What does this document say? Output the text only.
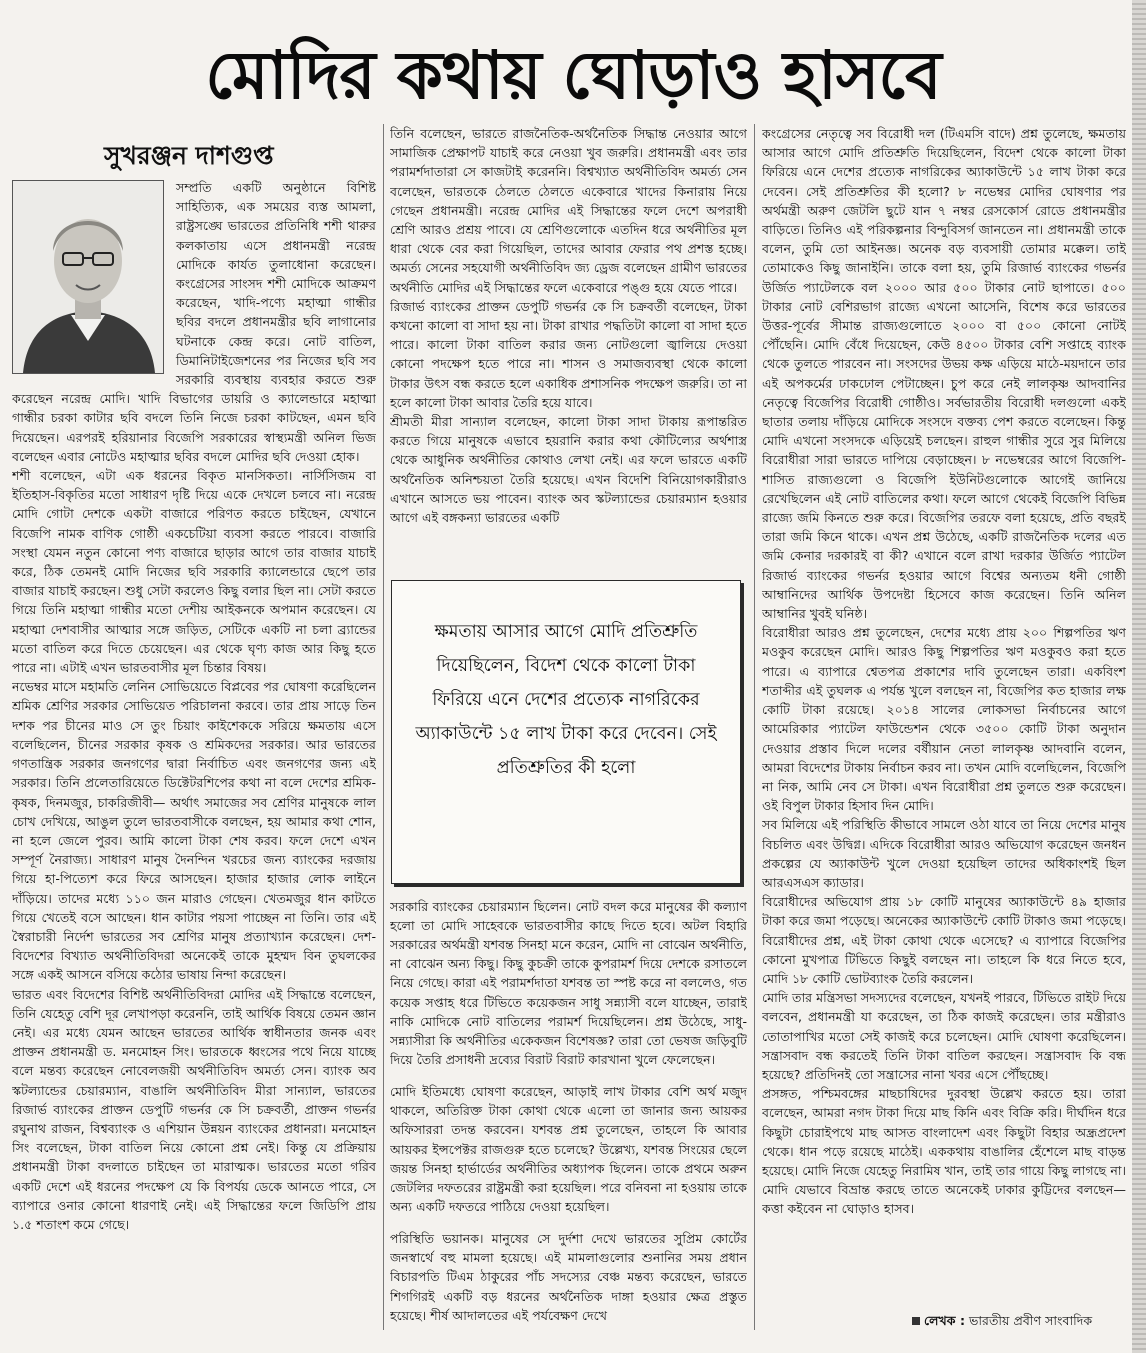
মোদির কথায় ঘোড়াও হাসবে
সুখরঞ্জন দাশগুপ্ত

সম্প্রতি একটি অনুষ্ঠানে বিশিষ্ট সাহিত্যিক, এক সময়ের ব্যস্ত আমলা, রাষ্ট্রসঙ্ঘে ভারতের প্রতিনিধি শশী থারুর কলকাতায় এসে প্রধানমন্ত্রী নরেন্দ্র মোদিকে কার্যত তুলাধোনা করেছেন। কংগ্রেসের সাংসদ শশী মোদিকে আক্রমণ করেছেন, খাদি-পণ্যে মহাত্মা গান্ধীর ছবির বদলে প্রধানমন্ত্রীর ছবি লাগানোর ঘটনাকে কেন্দ্র করে। নোট বাতিল, ডিমানিটাইজেশনের পর নিজের ছবি সব সরকারি ব্যবস্থায় ব্যবহার করতে শুরু করেছেন নরেন্দ্র মোদি। খাদি বিভাগের ডায়রি ও ক্যালেন্ডারে মহাত্মা গান্ধীর চরকা কাটার ছবি বদলে তিনি নিজে চরকা কাটছেন, এমন ছবি দিয়েছেন। এরপরই হরিয়ানার বিজেপি সরকারের স্বাস্থ্যমন্ত্রী অনিল ভিজ বলেছেন এবার নোটেও মহাত্মার ছবির বদলে মোদির ছবি দেওয়া হোক।

শশী বলেছেন, এটা এক ধরনের বিকৃত মানসিকতা। নার্সিসিজম বা ইতিহাস-বিকৃতির মতো সাধারণ দৃষ্টি দিয়ে একে দেখলে চলবে না। নরেন্দ্র মোদি গোটা দেশকে একটা বাজারে পরিণত করতে চাইছেন, যেখানে বিজেপি নামক বাণিক গোষ্ঠী একচেটিয়া ব্যবসা করতে পারবে। বাজারি সংস্থা যেমন নতুন কোনো পণ্য বাজারে ছাড়ার আগে তার বাজার যাচাই করে, ঠিক তেমনই মোদি নিজের ছবি সরকারি ক্যালেন্ডারে ছেপে তার বাজার যাচাই করছেন। শুধু সেটা করলেও কিছু বলার ছিল না। সেটা করতে গিয়ে তিনি মহাত্মা গান্ধীর মতো দেশীয় আইকনকে অপমান করেছেন। যে মহাত্মা দেশবাসীর আত্মার সঙ্গে জড়িত, সেটিকে একটি না চলা ব্র্যান্ডের মতো বাতিল করে দিতে চেয়েছেন। এর থেকে ঘৃণ্য কাজ আর কিছু হতে পারে না। এটাই এখন ভারতবাসীর মূল চিন্তার বিষয়।

নভেম্বর মাসে মহামতি লেনিন সোভিয়েতে বিপ্লবের পর ঘোষণা করেছিলেন শ্রমিক শ্রেণির সরকার সোভিয়েত পরিচালনা করবে। তার প্রায় সাড়ে তিন দশক পর চীনের মাও সে তুং চিয়াং কাইশেককে সরিয়ে ক্ষমতায় এসে বলেছিলেন, চীনের সরকার কৃষক ও শ্রমিকদের সরকার। আর ভারতের গণতান্ত্রিক সরকার জনগণের দ্বারা নির্বাচিত এবং জনগণের জন্য এই সরকার। তিনি প্রলেতারিয়েতে ডিক্টেটরশিপের কথা না বলে দেশের শ্রমিক-কৃষক, দিনমজুর, চাকরিজীবী— অর্থাৎ সমাজের সব শ্রেণির মানুষকে লাল চোখ দেখিয়ে, আঙুল তুলে ভারতবাসীকে বলছেন, হয় আমার কথা শোন, না হলে জেলে পুরব। আমি কালো টাকা শেষ করব। ফলে দেশে এখন সম্পূর্ণ নৈরাজ্য। সাধারণ মানুষ দৈনন্দিন খরচের জন্য ব্যাংকের দরজায় গিয়ে হা-পিত্যেশ করে ফিরে আসছেন। হাজার হাজার লোক লাইনে দাঁড়িয়ে। তাদের মধ্যে ১১০ জন মারাও গেছেন। খেতমজুর ধান কাটতে গিয়ে খেতেই বসে আছেন। ধান কাটার পয়সা পাচ্ছেন না তিনি। তার এই স্বৈরাচারী নির্দেশ ভারতের সব শ্রেণির মানুষ প্রত্যাখ্যান করেছেন। দেশ-বিদেশের বিখ্যাত অর্থনীতিবিদরা অনেকেই তাকে মুহম্মদ বিন তুঘলকের সঙ্গে একই আসনে বসিয়ে কঠোর ভাষায় নিন্দা করেছেন।

ভারত এবং বিদেশের বিশিষ্ট অর্থনীতিবিদরা মোদির এই সিদ্ধান্তে বলেছেন, তিনি যেহেতু বেশি দূর লেখাপড়া করেননি, তাই আর্থিক বিষয়ে তেমন জ্ঞান নেই। এর মধ্যে যেমন আছেন ভারতের আর্থিক স্বাধীনতার জনক এবং প্রাক্তন প্রধানমন্ত্রী ড. মনমোহন সিং। ভারতকে ধ্বংসের পথে নিয়ে যাচ্ছে বলে মন্তব্য করেছেন নোবেলজয়ী অর্থনীতিবিদ অমর্ত্য সেন। ব্যাংক অব স্কটল্যান্ডের চেয়ারম্যান, বাঙালি অর্থনীতিবিদ মীরা সান্যাল, ভারতের রিজার্ভ ব্যাংকের প্রাক্তন ডেপুটি গভর্নর কে সি চক্রবর্তী, প্রাক্তন গভর্নর রঘুনাথ রাজন, বিশ্বব্যাংক ও এশিয়ান উন্নয়ন ব্যাংকের প্রধানরা। মনমোহন সিং বলেছেন, টাকা বাতিল নিয়ে কোনো প্রশ্ন নেই। কিন্তু যে প্রক্রিয়ায় প্রধানমন্ত্রী টাকা বদলাতে চাইছেন তা মারাত্মক। ভারতের মতো গরিব একটি দেশে এই ধরনের পদক্ষেপ যে কি বিপর্যয় ডেকে আনতে পারে, সে ব্যাপারে ওনার কোনো ধারণাই নেই। এই সিদ্ধান্তের ফলে জিডিপি প্রায় ১.৫ শতাংশ কমে গেছে।

তিনি বলেছেন, ভারতে রাজনৈতিক-অর্থনৈতিক সিদ্ধান্ত নেওয়ার আগে সামাজিক প্রেক্ষাপট যাচাই করে নেওয়া খুব জরুরি। প্রধানমন্ত্রী এবং তার পরামর্শদাতারা সে কাজটাই করেননি। বিশ্বখ্যাত অর্থনীতিবিদ অমর্ত্য সেন বলেছেন, ভারতকে ঠেলতে ঠেলতে একেবারে খাদের কিনারায় নিয়ে গেছেন প্রধানমন্ত্রী। নরেন্দ্র মোদির এই সিদ্ধান্তের ফলে দেশে অপরাধী শ্রেণি আরও প্রশ্রয় পাবে। যে শ্রেণিগুলোকে এতদিন ধরে অর্থনীতির মূল ধারা থেকে বের করা গিয়েছিল, তাদের আবার ফেরার পথ প্রশস্ত হচ্ছে। অমর্ত্য সেনের সহযোগী অর্থনীতিবিদ জ্য ড্রেজ বলেছেন গ্রামীণ ভারতের অর্থনীতি মোদির এই সিদ্ধান্তের ফলে একেবারে পঙ্গু হয়ে যেতে পারে।

রিজার্ভ ব্যাংকের প্রাক্তন ডেপুটি গভর্নর কে সি চক্রবর্তী বলেছেন, টাকা কখনো কালো বা সাদা হয় না। টাকা রাখার পদ্ধতিটা কালো বা সাদা হতে পারে। কালো টাকা বাতিল করার জন্য নোটগুলো জ্বালিয়ে দেওয়া কোনো পদক্ষেপ হতে পারে না। শাসন ও সমাজব্যবস্থা থেকে কালো টাকার উৎস বন্ধ করতে হলে একাধিক প্রশাসনিক পদক্ষেপ জরুরি। তা না হলে কালো টাকা আবার তৈরি হয়ে যাবে।

শ্রীমতী মীরা সান্যাল বলেছেন, কালো টাকা সাদা টাকায় রূপান্তরিত করতে গিয়ে মানুষকে এভাবে হয়রানি করার কথা কৌটিল্যের অর্থশাস্ত্র থেকে আধুনিক অর্থনীতির কোথাও লেখা নেই। এর ফলে ভারতে একটি অর্থনৈতিক অনিশ্চয়তা তৈরি হয়েছে। এখন বিদেশি বিনিয়োগকারীরাও এখানে আসতে ভয় পাবেন। ব্যাংক অব স্কটল্যান্ডের চেয়ারম্যান হওয়ার আগে এই বঙ্গকন্যা ভারতের একটি

ক্ষমতায় আসার আগে মোদি প্রতিশ্রুতি দিয়েছিলেন, বিদেশ থেকে কালো টাকা ফিরিয়ে এনে দেশের প্রত্যেক নাগরিকের অ্যাকাউন্টে ১৫ লাখ টাকা করে দেবেন। সেই প্রতিশ্রুতির কী হলো

সরকারি ব্যাংকের চেয়ারম্যান ছিলেন। নোট বদল করে মানুষের কী কল্যাণ হলো তা মোদি সাহেবকে ভারতবাসীর কাছে দিতে হবে। অটল বিহারি সরকারের অর্থমন্ত্রী যশবন্ত সিনহা মনে করেন, মোদি না বোঝেন অর্থনীতি, না বোঝেন অন্য কিছু। কিছু কুচক্রী তাকে কুপরামর্শ দিয়ে দেশকে রসাতলে নিয়ে গেছে। কারা এই পরামর্শদাতা যশবন্ত তা স্পষ্ট করে না বললেও, গত কয়েক সপ্তাহ ধরে টিভিতে কয়েকজন সাধু সন্ন্যাসী বলে যাচ্ছেন, তারাই নাকি মোদিকে নোট বাতিলের পরামর্শ দিয়েছিলেন। প্রশ্ন উঠেছে, সাধু-সন্ন্যাসীরা কি অর্থনীতির একেকজন বিশেষজ্ঞ? তারা তো ভেষজ জড়িবুটি দিয়ে তৈরি প্রসাধনী দ্রব্যের বিরাট বিরাট কারখানা খুলে ফেলেছেন।

মোদি ইতিমধ্যে ঘোষণা করেছেন, আড়াই লাখ টাকার বেশি অর্থ মজুদ থাকলে, অতিরিক্ত টাকা কোথা থেকে এলো তা জানার জন্য আয়কর অফিসাররা তদন্ত করবেন। যশবন্ত প্রশ্ন তুলেছেন, তাহলে কি আবার আয়কর ইন্সপেক্টর রাজগুরু হতে চলেছে? উল্লেখ্য, যশবন্ত সিংয়ের ছেলে জয়ন্ত সিনহা হার্ভার্ডের অর্থনীতির অধ্যাপক ছিলেন। তাকে প্রথমে অরুন জেটলির দফতরের রাষ্ট্রমন্ত্রী করা হয়েছিল। পরে বনিবনা না হওয়ায় তাকে অন্য একটি দফতরে পাঠিয়ে দেওয়া হয়েছিল।

পরিস্থিতি ভয়ানক। মানুষের সে দুর্দশা দেখে ভারতের সুপ্রিম কোর্টের জনস্বার্থে বহু মামলা হয়েছে। এই মামলাগুলোর শুনানির সময় প্রধান বিচারপতি টিএম ঠাকুরের পাঁচ সদস্যের বেঞ্চ মন্তব্য করেছেন, ভারতে শিগগিরই একটি বড় ধরনের অর্থনৈতিক দাঙ্গা হওয়ার ক্ষেত্র প্রস্তুত হয়েছে। শীর্ষ আদালতের এই পর্যবেক্ষণ দেখে

কংগ্রেসের নেতৃত্বে সব বিরোধী দল (টিএমসি বাদে) প্রশ্ন তুলেছে, ক্ষমতায় আসার আগে মোদি প্রতিশ্রুতি দিয়েছিলেন, বিদেশ থেকে কালো টাকা ফিরিয়ে এনে দেশের প্রত্যেক নাগরিকের অ্যাকাউন্টে ১৫ লাখ টাকা করে দেবেন। সেই প্রতিশ্রুতির কী হলো? ৮ নভেম্বর মোদির ঘোষণার পর অর্থমন্ত্রী অরুণ জেটলি ছুটে যান ৭ নম্বর রেসকোর্স রোডে প্রধানমন্ত্রীর বাড়িতে। তিনিও এই পরিকল্পনার বিন্দুবিসর্গ জানতেন না। প্রধানমন্ত্রী তাকে বলেন, তুমি তো আইনজ্ঞ। অনেক বড় ব্যবসায়ী তোমার মক্কেল। তাই তোমাকেও কিছু জানাইনি। তাকে বলা হয়, তুমি রিজার্ভ ব্যাংকের গভর্নর উর্জিত প্যাটেলকে বল ২০০০ আর ৫০০ টাকার নোট ছাপাতে। ৫০০ টাকার নোট বেশিরভাগ রাজ্যে এখনো আসেনি, বিশেষ করে ভারতের উত্তর-পূর্বের সীমান্ত রাজ্যগুলোতে ২০০০ বা ৫০০ কোনো নোটই পৌঁছেনি। মোদি বেঁধে দিয়েছেন, কেউ ৪৫০০ টাকার বেশি সপ্তাহে ব্যাংক থেকে তুলতে পারবেন না। সংসদের উভয় কক্ষ এড়িয়ে মাঠে-ময়দানে তার এই অপকর্মের ঢাকঢোল পেটাচ্ছেন। চুপ করে নেই লালকৃষ্ণ আদবানির নেতৃত্বে বিজেপির বিরোধী গোষ্ঠীও। সর্বভারতীয় বিরোধী দলগুলো একই ছাতার তলায় দাঁড়িয়ে মোদিকে সংসদে বক্তব্য পেশ করতে বলেছেন। কিন্তু মোদি এখনো সংসদকে এড়িয়েই চলছেন। রাহুল গান্ধীর সুরে সুর মিলিয়ে বিরোধীরা সারা ভারতে দাপিয়ে বেড়াচ্ছেন। ৮ নভেম্বরের আগে বিজেপি-শাসিত রাজ্যগুলো ও বিজেপি ইউনিটগুলোকে আগেই জানিয়ে রেখেছিলেন এই নোট বাতিলের কথা। ফলে আগে থেকেই বিজেপি বিভিন্ন রাজ্যে জমি কিনতে শুরু করে। বিজেপির তরফে বলা হয়েছে, প্রতি বছরই তারা জমি কিনে থাকে। এখন প্রশ্ন উঠেছে, একটি রাজনৈতিক দলের এত জমি কেনার দরকারই বা কী? এখানে বলে রাখা দরকার উর্জিত প্যাটেল রিজার্ভ ব্যাংকের গভর্নর হওয়ার আগে বিশ্বের অন্যতম ধনী গোষ্ঠী আম্বানিদের আর্থিক উপদেষ্টা হিসেবে কাজ করেছেন। তিনি অনিল আম্বানির খুবই ঘনিষ্ঠ।

বিরোধীরা আরও প্রশ্ন তুলেছেন, দেশের মধ্যে প্রায় ২০০ শিল্পপতির ঋণ মওকুব করেছেন মোদি। আরও কিছু শিল্পপতির ঋণ মওকুবও করা হতে পারে। এ ব্যাপারে শ্বেতপত্র প্রকাশের দাবি তুলেছেন তারা। একবিংশ শতাব্দীর এই তুঘলক এ পর্যন্ত খুলে বলছেন না, বিজেপির কত হাজার লক্ষ কোটি টাকা রয়েছে। ২০১৪ সালের লোকসভা নির্বাচনের আগে আমেরিকার প্যাটেল ফাউন্ডেশন থেকে ৩৫০০ কোটি টাকা অনুদান দেওয়ার প্রস্তাব দিলে দলের বর্ষীয়ান নেতা লালকৃষ্ণ আদবানি বলেন, আমরা বিদেশের টাকায় নির্বাচন করব না। তখন মোদি বলেছিলেন, বিজেপি না নিক, আমি নেব সে টাকা। এখন বিরোধীরা প্রশ্ন তুলতে শুরু করেছেন। ওই বিপুল টাকার হিসাব দিন মোদি।

সব মিলিয়ে এই পরিস্থিতি কীভাবে সামলে ওঠা যাবে তা নিয়ে দেশের মানুষ বিচলিত এবং উদ্বিগ্ন। এদিকে বিরোধীরা আরও অভিযোগ করেছেন জনধন প্রকল্পের যে অ্যাকাউন্ট খুলে দেওয়া হয়েছিল তাদের অধিকাংশই ছিল আরএসএস ক্যাডার।

বিরোধীদের অভিযোগ প্রায় ১৮ কোটি মানুষের অ্যাকাউন্টে ৪৯ হাজার টাকা করে জমা পড়েছে। অনেকের অ্যাকাউন্টে কোটি টাকাও জমা পড়েছে। বিরোধীদের প্রশ্ন, এই টাকা কোথা থেকে এসেছে? এ ব্যাপারে বিজেপির কোনো মুখপাত্র টিভিতে কিছুই বলছেন না। তাহলে কি ধরে নিতে হবে, মোদি ১৮ কোটি ভোটব্যাংক তৈরি করলেন।

মোদি তার মন্ত্রিসভা সদস্যদের বলেছেন, যখনই পারবে, টিভিতে রাইট দিয়ে বলবেন, প্রধানমন্ত্রী যা করেছেন, তা ঠিক কাজই করেছেন। তার মন্ত্রীরাও তোতাপাখির মতো সেই কাজই করে চলেছেন। মোদি ঘোষণা করেছিলেন। সন্ত্রাসবাদ বন্ধ করতেই তিনি টাকা বাতিল করছেন। সন্ত্রাসবাদ কি বন্ধ হয়েছে? প্রতিদিনই তো সন্ত্রাসের নানা খবর এসে পৌঁছচ্ছে।

প্রসঙ্গত, পশ্চিমবঙ্গের মাছচাষিদের দুরবস্থা উল্লেখ করতে হয়। তারা বলেছেন, আমরা নগদ টাকা দিয়ে মাছ কিনি এবং বিক্রি করি। দীর্ঘদিন ধরে কিছুটা চোরাইপথে মাছ আসত বাংলাদেশ এবং কিছুটা বিহার অন্ধ্রপ্রদেশ থেকে। ধান পড়ে রয়েছে মাঠেই। এককথায় বাঙালির হেঁশেলে মাছ বাড়ন্ত হয়েছে। মোদি নিজে যেহেতু নিরামিষ খান, তাই তার গায়ে কিছু লাগছে না। মোদি যেভাবে বিভ্রান্ত করছে তাতে অনেকেই ঢাকার কুট্টিদের বলছেন— কত্তা কইবেন না ঘোড়াও হাসব।

লেখক : ভারতীয় প্রবীণ সাংবাদিক
